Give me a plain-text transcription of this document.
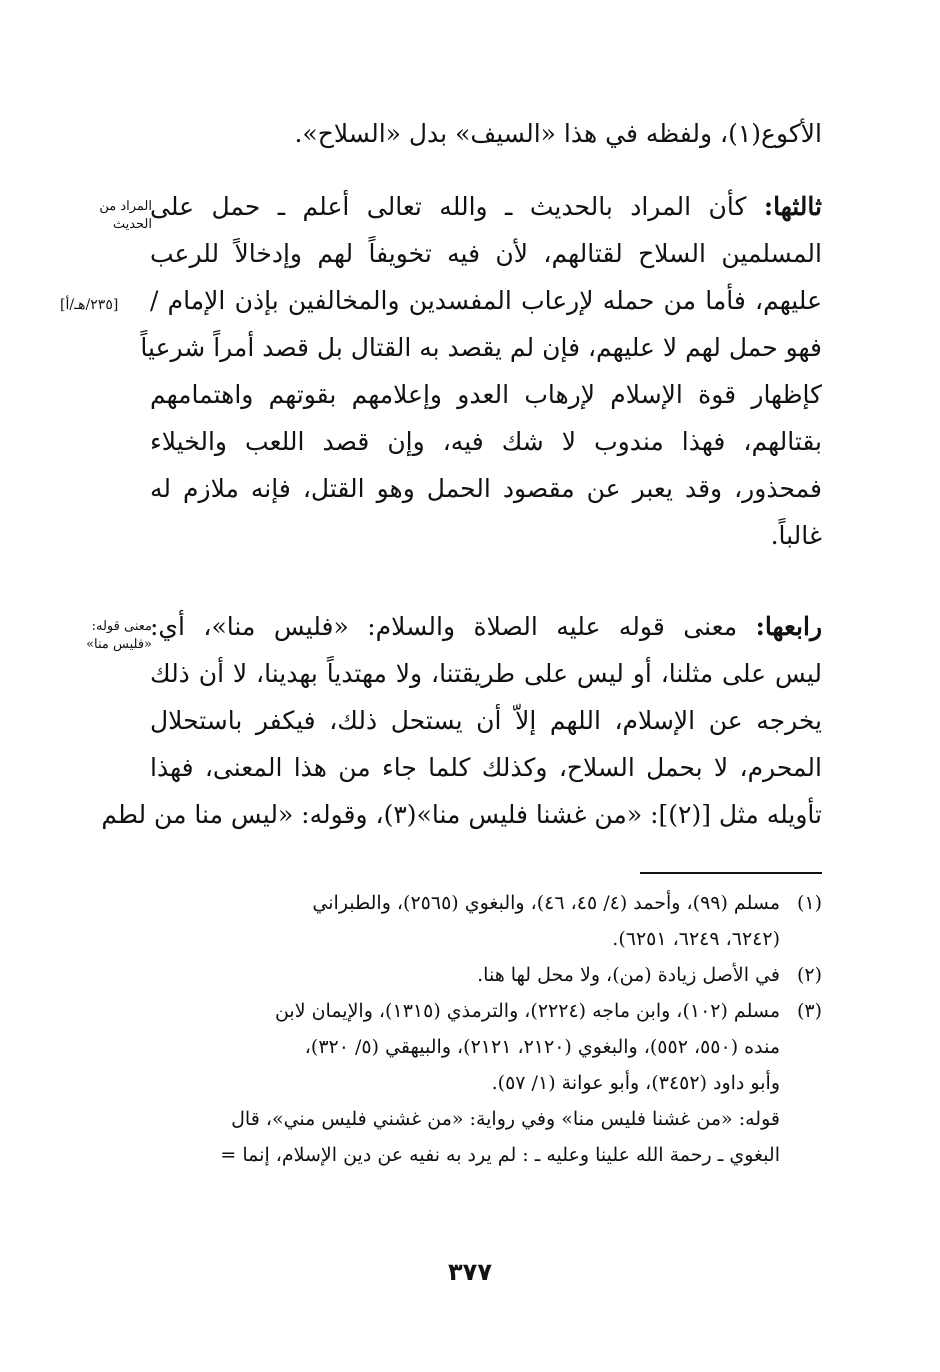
الأكوع(١)، ولفظه في هذا «السيف» بدل «السلاح».
ثالثها: كأن المراد بالحديث ـ والله تعالى أعلم ـ حمل على
المسلمين السلاح لقتالهم، لأن فيه تخويفاً لهم وإدخالاً للرعب
عليهم، فأما من حمله لإرعاب المفسدين والمخالفين بإذن الإمام /
فهو حمل لهم لا عليهم، فإن لم يقصد به القتال بل قصد أمراً شرعياً
كإظهار قوة الإسلام لإرهاب العدو وإعلامهم بقوتهم واهتمامهم
بقتالهم، فهذا مندوب لا شك فيه، وإن قصد اللعب والخيلاء
فمحذور، وقد يعبر عن مقصود الحمل وهو القتل، فإنه ملازم له
غالباً.
رابعها: معنى قوله عليه الصلاة والسلام: «فليس منا»، أي:
ليس على مثلنا، أو ليس على طريقتنا، ولا مهتدياً بهدينا، لا أن ذلك
يخرجه عن الإسلام، اللهم إلاّ أن يستحل ذلك، فيكفر باستحلال
المحرم، لا بحمل السلاح، وكذلك كلما جاء من هذا المعنى، فهذا
تأويله مثل [(٢)]: «من غشنا فليس منا»(٣)، وقوله: «ليس منا من لطم
المراد من
الحديث
[٢٣٥/هـ/أ]
معنى قوله:
«فليس منا»
(١)مسلم (٩٩)، وأحمد (٤/ ٤٥، ٤٦)، والبغوي (٢٥٦٥)، والطبراني
(٦٢٤٢، ٦٢٤٩، ٦٢٥١).
(٢)في الأصل زيادة (من)، ولا محل لها هنا.
(٣)مسلم (١٠٢)، وابن ماجه (٢٢٢٤)، والترمذي (١٣١٥)، والإيمان لابن
منده (٥٥٠، ٥٥٢)، والبغوي (٢١٢٠، ٢١٢١)، والبيهقي (٥/ ٣٢٠)،
وأبو داود (٣٤٥٢)، وأبو عوانة (١/ ٥٧).
قوله: «من غشنا فليس منا» وفي رواية: «من غشني فليس مني»، قال
البغوي ـ رحمة الله علينا وعليه ـ : لم يرد به نفيه عن دين الإسلام، إنما =
٣٧٧
